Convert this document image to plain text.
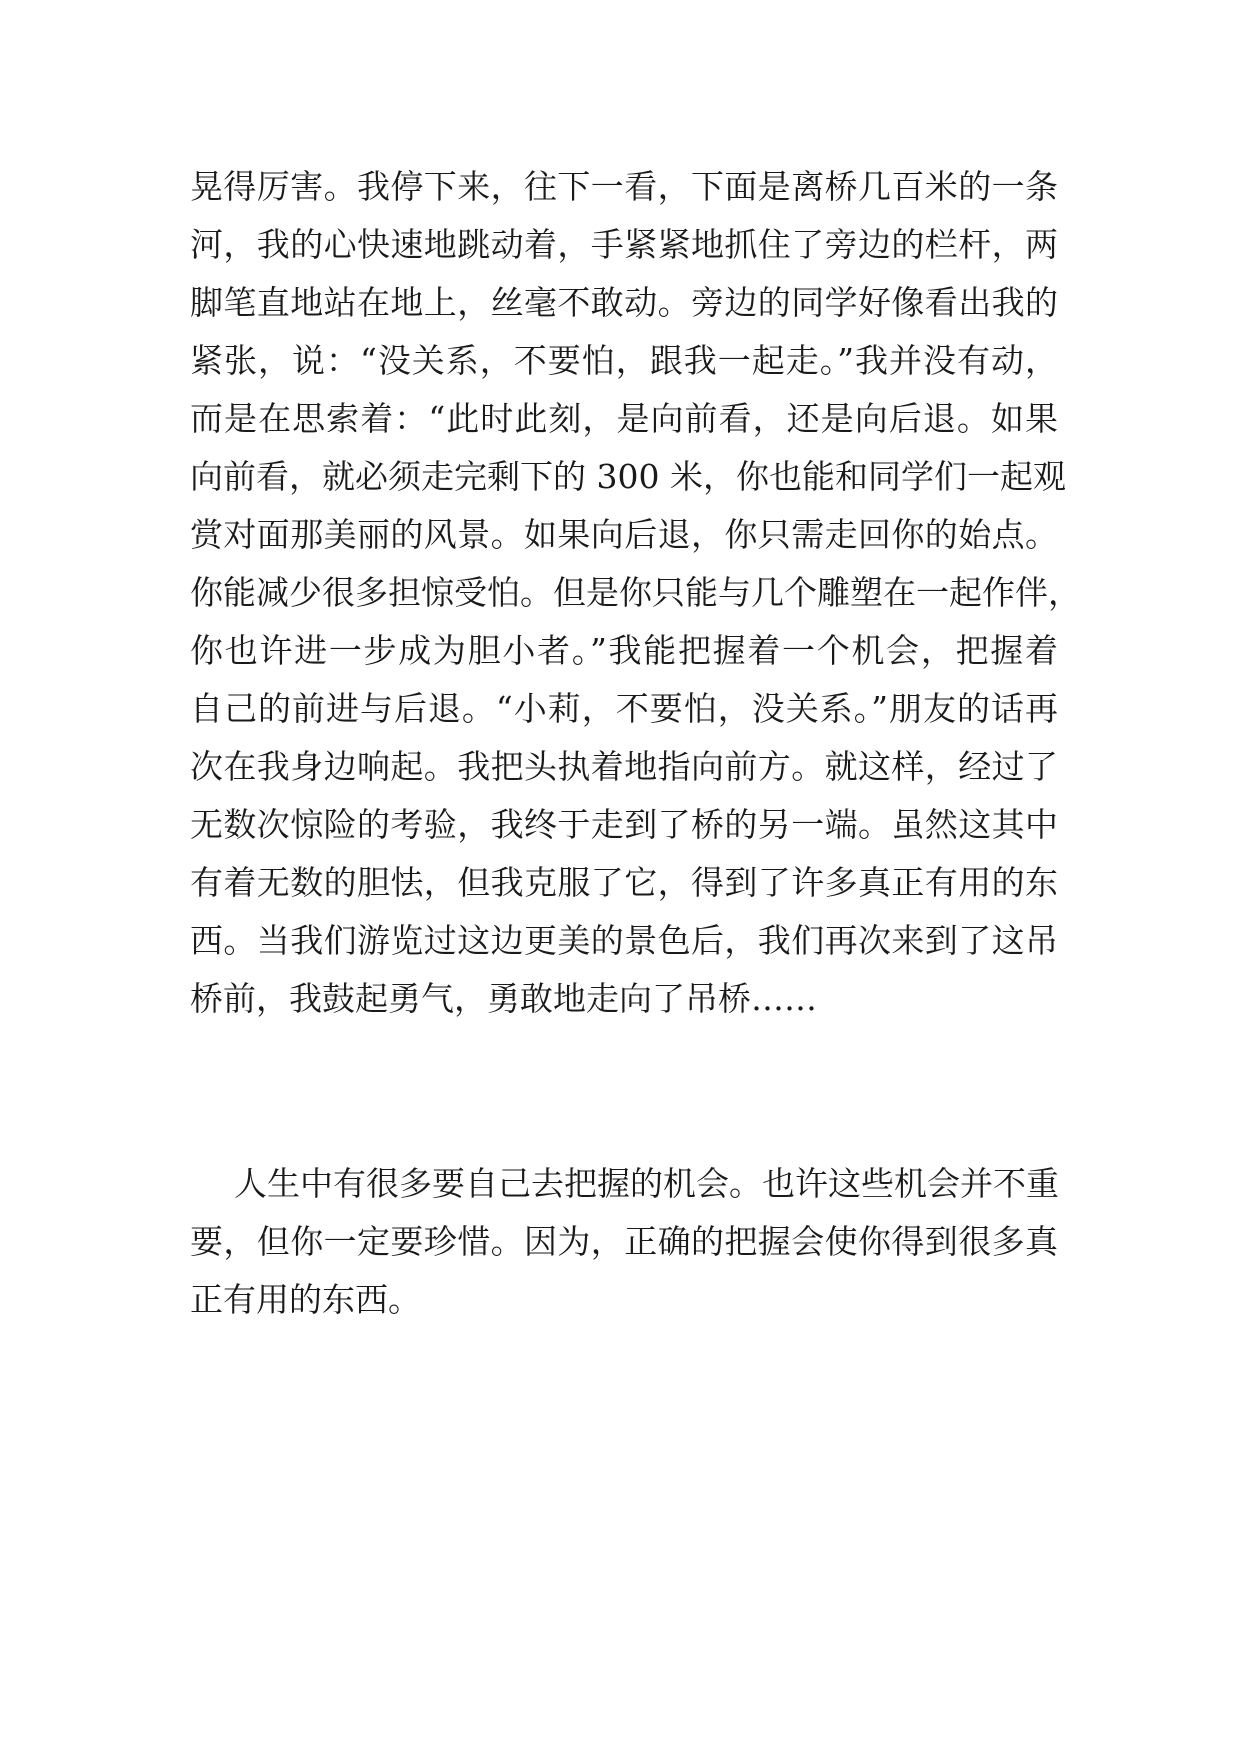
晃得厉害。我停下来，往下一看，下面是离桥几百米的一条
河，我的心快速地跳动着，手紧紧地抓住了旁边的栏杆，两
脚笔直地站在地上，丝毫不敢动。旁边的同学好像看出我的
紧张，说：“没关系，不要怕，跟我一起走。”我并没有动，
而是在思索着：“此时此刻，是向前看，还是向后退。如果
向前看，就必须走完剩下的 300 米，你也能和同学们一起观
赏对面那美丽的风景。如果向后退，你只需走回你的始点。
你能减少很多担惊受怕。但是你只能与几个雕塑在一起作伴，
你也许进一步成为胆小者。”我能把握着一个机会，把握着
自己的前进与后退。“小莉，不要怕，没关系。”朋友的话再
次在我身边响起。我把头执着地指向前方。就这样，经过了
无数次惊险的考验，我终于走到了桥的另一端。虽然这其中
有着无数的胆怯，但我克服了它，得到了许多真正有用的东
西。当我们游览过这边更美的景色后，我们再次来到了这吊
桥前，我鼓起勇气，勇敢地走向了吊桥……
人生中有很多要自己去把握的机会。也许这些机会并不重
要，但你一定要珍惜。因为，正确的把握会使你得到很多真
正有用的东西。
